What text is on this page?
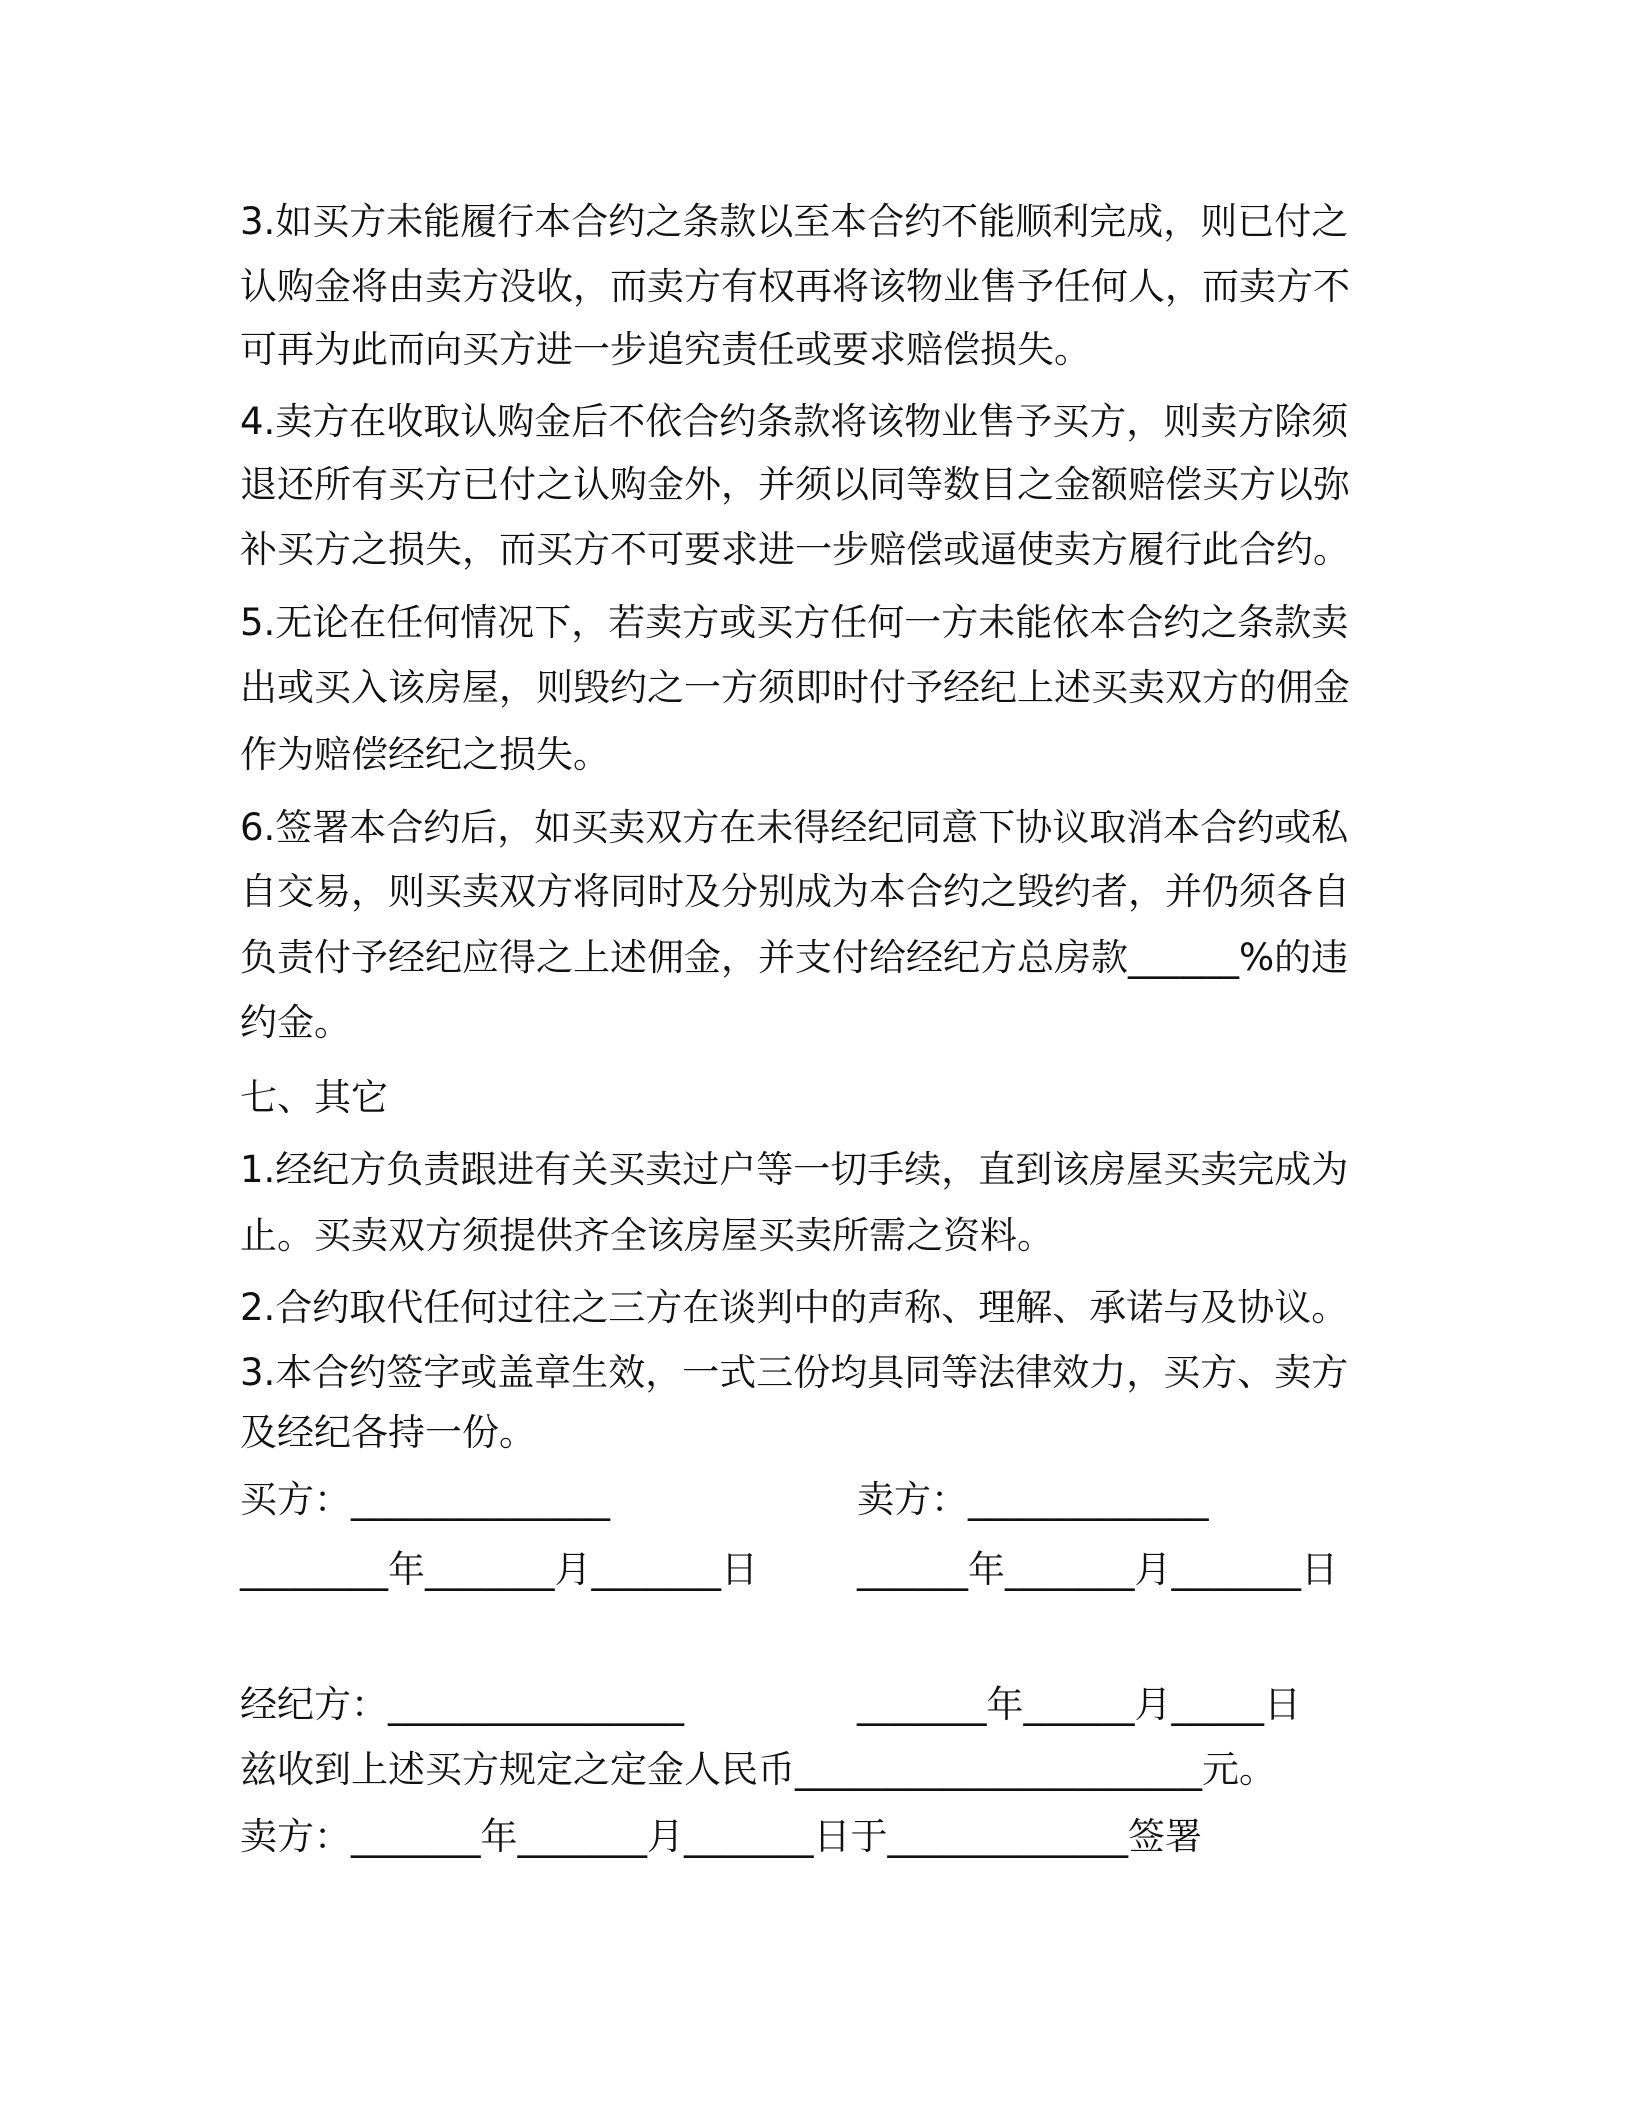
3.如买方未能履行本合约之条款以至本合约不能顺利完成，则已付之
认购金将由卖方没收，而卖方有权再将该物业售予任何人，而卖方不
可再为此而向买方进一步追究责任或要求赔偿损失。
4.卖方在收取认购金后不依合约条款将该物业售予买方，则卖方除须
退还所有买方已付之认购金外，并须以同等数目之金额赔偿买方以弥
补买方之损失，而买方不可要求进一步赔偿或逼使卖方履行此合约。
5.无论在任何情况下，若卖方或买方任何一方未能依本合约之条款卖
出或买入该房屋，则毁约之一方须即时付予经纪上述买卖双方的佣金
作为赔偿经纪之损失。
6.签署本合约后，如买卖双方在未得经纪同意下协议取消本合约或私
自交易，则买卖双方将同时及分别成为本合约之毁约者，并仍须各自
负责付予经纪应得之上述佣金，并支付给经纪方总房款______%的违
约金。
七、其它
1.经纪方负责跟进有关买卖过户等一切手续，直到该房屋买卖完成为
止。买卖双方须提供齐全该房屋买卖所需之资料。
2.合约取代任何过往之三方在谈判中的声称、理解、承诺与及协议。
3.本合约签字或盖章生效，一式三份均具同等法律效力，买方、卖方
及经纪各持一份。
买方：______________	卖方：_____________
________年_______月_______日	______年_______月_______日
经纪方：________________	_______年______月_____日
兹收到上述买方规定之定金人民币______________________元。
卖方：_______年_______月_______日于_____________签署
